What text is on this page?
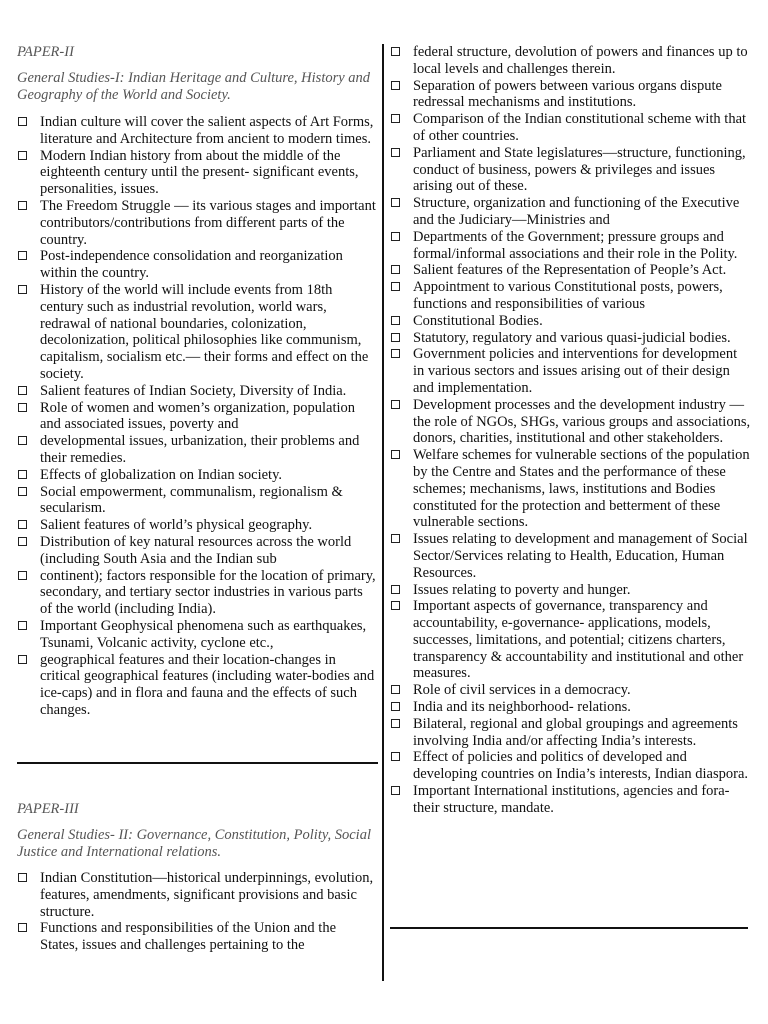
PAPER-II

General Studies-I: Indian Heritage and Culture, History and Geography of the World and Society.

Indian culture will cover the salient aspects of Art Forms, literature and Architecture from ancient to modern times.
Modern Indian history from about the middle of the eighteenth century until the present- significant events, personalities, issues.
The Freedom Struggle — its various stages and important contributors/contributions from different parts of the country.
Post-independence consolidation and reorganization within the country.
History of the world will include events from 18th century such as industrial revolution, world wars, redrawal of national boundaries, colonization, decolonization, political philosophies like communism, capitalism, socialism etc.— their forms and effect on the society.
Salient features of Indian Society, Diversity of India.
Role of women and women’s organization, population and associated issues, poverty and
developmental issues, urbanization, their problems and their remedies.
Effects of globalization on Indian society.
Social empowerment, communalism, regionalism & secularism.
Salient features of world’s physical geography.
Distribution of key natural resources across the world (including South Asia and the Indian sub
continent); factors responsible for the location of primary, secondary, and tertiary sector industries in various parts of the world (including India).
Important Geophysical phenomena such as earthquakes, Tsunami, Volcanic activity, cyclone etc.,
geographical features and their location-changes in critical geographical features (including water-bodies and ice-caps) and in flora and fauna and the effects of such changes.

PAPER-III

General Studies- II: Governance, Constitution, Polity, Social Justice and International relations.

Indian Constitution—historical underpinnings, evolution, features, amendments, significant provisions and basic structure.
Functions and responsibilities of the Union and the States, issues and challenges pertaining to the
federal structure, devolution of powers and finances up to local levels and challenges therein.
Separation of powers between various organs dispute redressal mechanisms and institutions.
Comparison of the Indian constitutional scheme with that of other countries.
Parliament and State legislatures—structure, functioning, conduct of business, powers & privileges and issues arising out of these.
Structure, organization and functioning of the Executive and the Judiciary—Ministries and
Departments of the Government; pressure groups and formal/informal associations and their role in the Polity.
Salient features of the Representation of People’s Act.
Appointment to various Constitutional posts, powers, functions and responsibilities of various
Constitutional Bodies.
Statutory, regulatory and various quasi-judicial bodies.
Government policies and interventions for development in various sectors and issues arising out of their design and implementation.
Development processes and the development industry —the role of NGOs, SHGs, various groups and associations, donors, charities, institutional and other stakeholders.
Welfare schemes for vulnerable sections of the population by the Centre and States and the performance of these schemes; mechanisms, laws, institutions and Bodies constituted for the protection and betterment of these vulnerable sections.
Issues relating to development and management of Social Sector/Services relating to Health, Education, Human Resources.
Issues relating to poverty and hunger.
Important aspects of governance, transparency and accountability, e-governance- applications, models, successes, limitations, and potential; citizens charters, transparency & accountability and institutional and other measures.
Role of civil services in a democracy.
India and its neighborhood- relations.
Bilateral, regional and global groupings and agreements involving India and/or affecting India’s interests.
Effect of policies and politics of developed and developing countries on India’s interests, Indian diaspora.
Important International institutions, agencies and fora- their structure, mandate.
